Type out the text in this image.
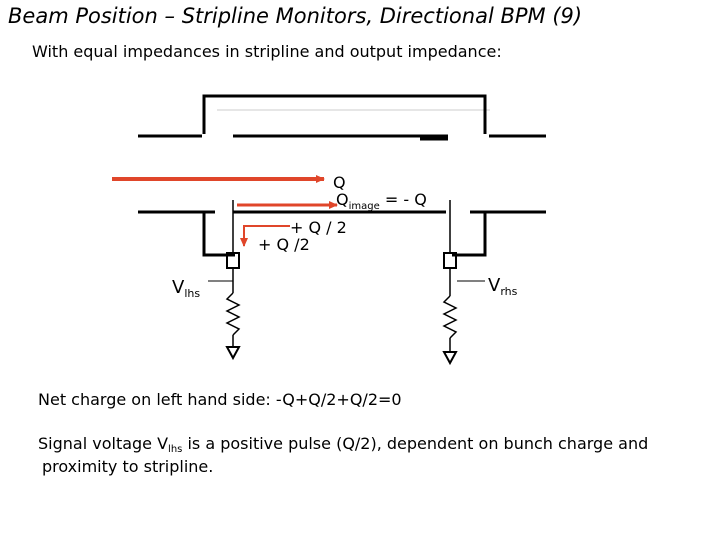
Beam Position – Stripline Monitors, Directional BPM (9)
With equal impedances in stripline and output impedance:
Q
$Q_{image}$ = - Q
+ Q / 2
+ Q /2
$V_{lhs}$	$V_{rhs}$
Net charge on left hand side: -Q+Q/2+Q/2=0
Signal voltage $V_{lhs}$ is a positive pulse (Q/2), dependent on bunch charge and
proximity to stripline.
